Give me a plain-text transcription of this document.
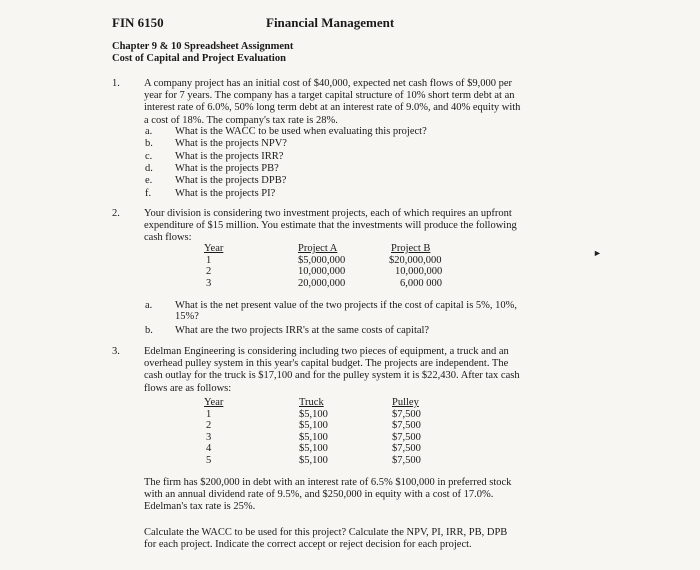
FIN 6150	Financial Management
Chapter 9 & 10 Spreadsheet Assignment
Cost of Capital and Project Evaluation
1. A company project has an initial cost of $40,000, expected net cash flows of $9,000 per
year for 7 years. The company has a target capital structure of 10% short term debt at an
interest rate of 6.0%, 50% long term debt at an interest rate of 9.0%, and 40% equity with
a cost of 18%. The company's tax rate is 28%.
a. What is the WACC to be used when evaluating this project?
b. What is the projects NPV?
c. What is the projects IRR?
d. What is the projects PB?
e. What is the projects DPB?
f. What is the projects PI?
2. Your division is considering two investment projects, each of which requires an upfront
expenditure of $15 million. You estimate that the investments will produce the following
cash flows:
Year
1
2
3
Project A
$5,000,000
10,000,000
20,000,000
Project B
$20,000,000
10,000,000
6,000 000
►
a. What is the net present value of the two projects if the cost of capital is 5%, 10%,
15%?
b. What are the two projects IRR's at the same costs of capital?
3. Edelman Engineering is considering including two pieces of equipment, a truck and an
overhead pulley system in this year's capital budget. The projects are independent. The
cash outlay for the truck is $17,100 and for the pulley system it is $22,430. After tax cash
flows are as follows:
Year
1
2
3
4
5
Truck
$5,100
$5,100
$5,100
$5,100
$5,100
Pulley
$7,500
$7,500
$7,500
$7,500
$7,500
The firm has $200,000 in debt with an interest rate of 6.5% $100,000 in preferred stock
with an annual dividend rate of 9.5%, and $250,000 in equity with a cost of 17.0%.
Edelman's tax rate is 25%.
Calculate the WACC to be used for this project? Calculate the NPV, PI, IRR, PB, DPB
for each project. Indicate the correct accept or reject decision for each project.
